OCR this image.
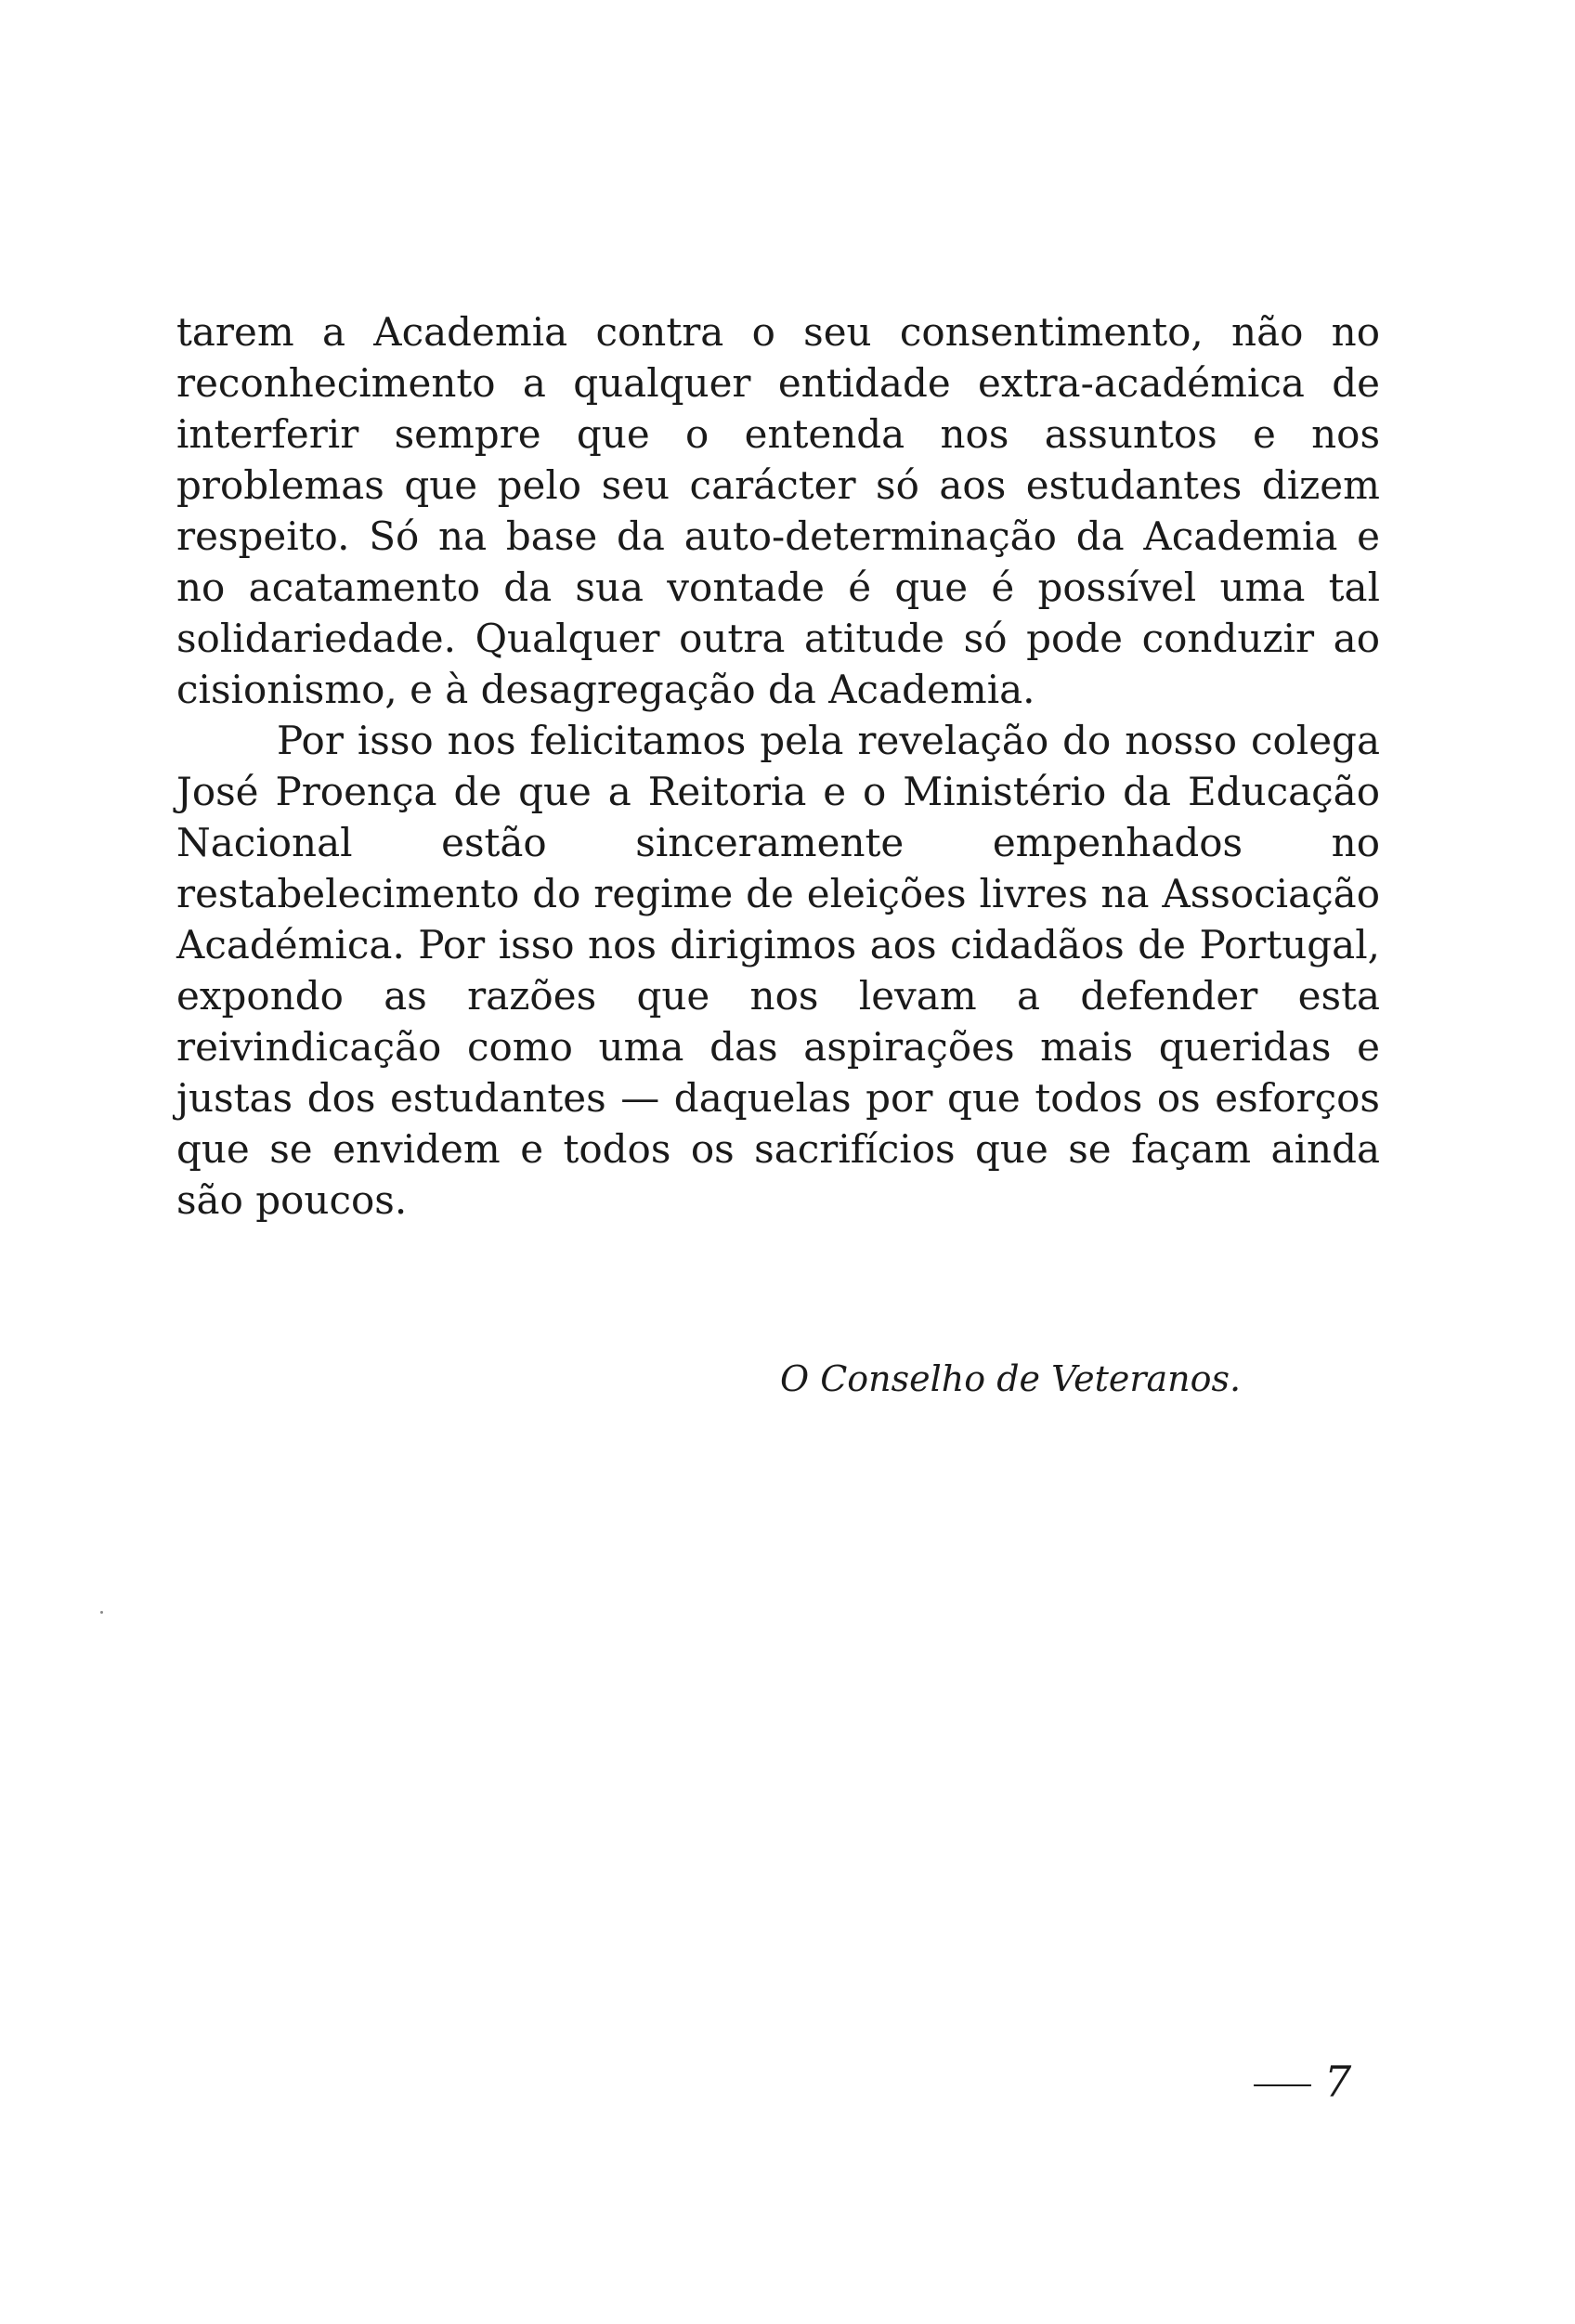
tarem a Academia contra o seu consentimento, não no reconhecimento a qualquer entidade extra-académica de interferir sempre que o entenda nos assuntos e nos problemas que pelo seu carácter só aos estudantes dizem respeito. Só na base da auto-determinação da Academia e no acatamento da sua vontade é que é possível uma tal solidariedade. Qualquer outra atitude só pode conduzir ao cisionismo, e à desagregação da Academia.

Por isso nos felicitamos pela revelação do nosso colega José Proença de que a Reitoria e o Ministério da Educação Nacional estão sinceramente empenhados no restabelecimento do regime de eleições livres na Associação Académica. Por isso nos dirigimos aos cidadãos de Portugal, expondo as razões que nos levam a defender esta reivindicação como uma das aspirações mais queridas e justas dos estudantes — daquelas por que todos os esforços que se envidem e todos os sacrifícios que se façam ainda são poucos.

O Conselho de Veteranos.
7
